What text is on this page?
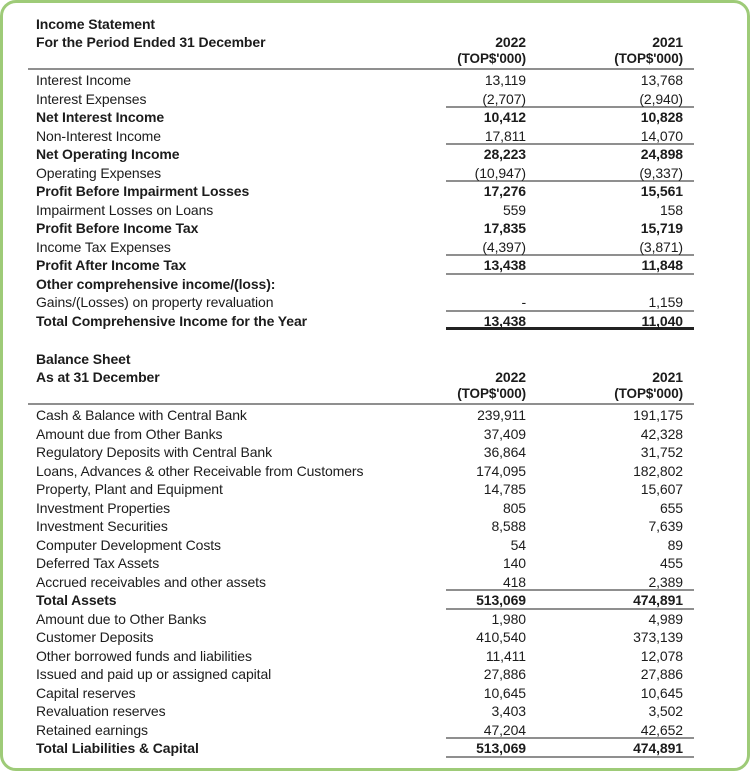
Income Statement
For the Period Ended 31 December	2022	2021
(TOP$'000)	(TOP$'000)
Interest Income	13,119	13,768
Interest Expenses	(2,707)	(2,940)
Net Interest Income	10,412	10,828
Non-Interest Income	17,811	14,070
Net Operating Income	28,223	24,898
Operating Expenses	(10,947)	(9,337)
Profit Before Impairment Losses	17,276	15,561
Impairment Losses on Loans	559	158
Profit Before Income Tax	17,835	15,719
Income Tax Expenses	(4,397)	(3,871)
Profit After Income Tax	13,438	11,848
Other comprehensive income/(loss):
Gains/(Losses) on property revaluation	-	1,159
Total Comprehensive Income for the Year	13,438	11,040
Balance Sheet
As at 31 December	2022	2021
(TOP$'000)	(TOP$'000)
Cash & Balance with Central Bank	239,911	191,175
Amount due from Other Banks	37,409	42,328
Regulatory Deposits with Central Bank	36,864	31,752
Loans, Advances & other Receivable from Customers	174,095	182,802
Property, Plant and Equipment	14,785	15,607
Investment Properties	805	655
Investment Securities	8,588	7,639
Computer Development Costs	54	89
Deferred Tax Assets	140	455
Accrued receivables and other assets	418	2,389
Total Assets	513,069	474,891
Amount due to Other Banks	1,980	4,989
Customer Deposits	410,540	373,139
Other borrowed funds and liabilities	11,411	12,078
Issued and paid up or assigned capital	27,886	27,886
Capital reserves	10,645	10,645
Revaluation reserves	3,403	3,502
Retained earnings	47,204	42,652
Total Liabilities & Capital	513,069	474,891
